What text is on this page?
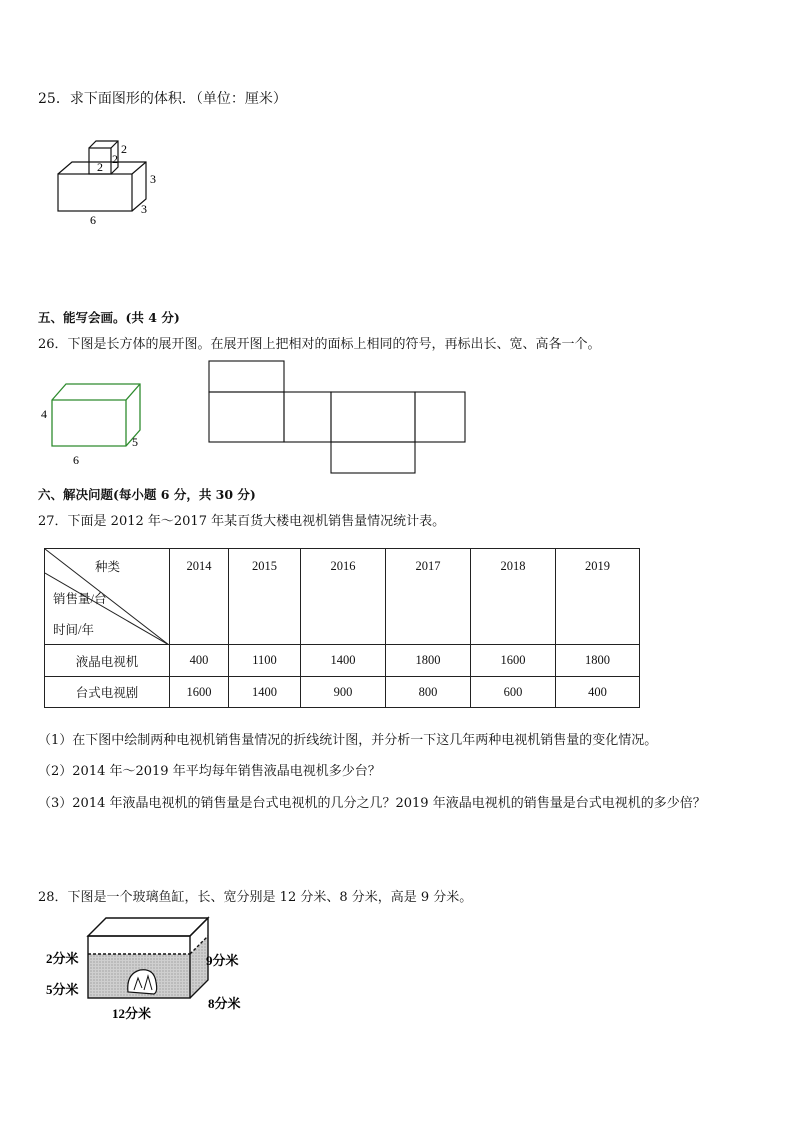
25．求下面图形的体积．（单位：厘米）
2
2
2
3
6
3
五、能写会画。(共 4 分)
26．下图是长方体的展开图。在展开图上把相对的面标上相同的符号，再标出长、宽、高各一个。
4
6
5
六、解决问题(每小题 6 分，共 30 分)
27．下面是 2012 年～2017 年某百货大楼电视机销售量情况统计表。
种类
销售量/台
时间/年	2014	2015	2016	2017	2018	2019
液晶电视机	400	1100	1400	1800	1600	1800
台式电视剧	1600	1400	900	800	600	400
（1）在下图中绘制两种电视机销售量情况的折线统计图，并分析一下这几年两种电视机销售量的变化情况。
（2）2014 年～2019 年平均每年销售液晶电视机多少台？
（3）2014 年液晶电视机的销售量是台式电视机的几分之几？2019 年液晶电视机的销售量是台式电视机的多少倍？
28．下图是一个玻璃鱼缸，长、宽分别是 12 分米、8 分米，高是 9 分米。
2分米
5分米
9分米
8分米
12分米
